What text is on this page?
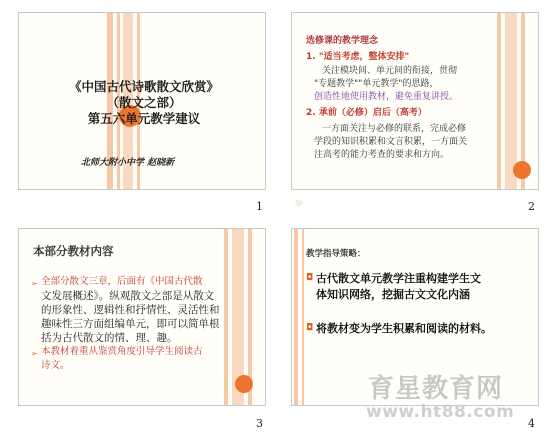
《中国古代诗歌散文欣赏》
（散文之部）
第五六单元教学建议
北师大附小中学 赵晓新
1
选修课的教学理念

1. "适当考虑，整体安排"

关注模块间、单元间的衔接，贯彻

"专题教学""单元教学"的思路，

创造性地使用教材，避免重复讲授。

2. 承前（必修）启后（高考）

一方面关注与必修的联系，完成必修

学段的知识积累和文言积累，一方面关

注高考的能力考查的要求和方向。

2
☼
本部分教材内容
➢ 全部分散文三章，后面有《中国古代散
文发展概述》。纵观散文之部是从散文
的形象性、逻辑性和抒情性、灵活性和
趣味性三方面组编单元，即可以简单根
括为古代散文的情、理、趣。
➢ 本教材着重从鉴赏角度引导学生阅读古
诗文。
3
教学指导策略：
◘ 古代散文单元教学注重构建学生文
体知识网络，挖掘古文文化内涵
◘ 将教材变为学生积累和阅读的材料。
4
育星教育网
www.ht88.com
